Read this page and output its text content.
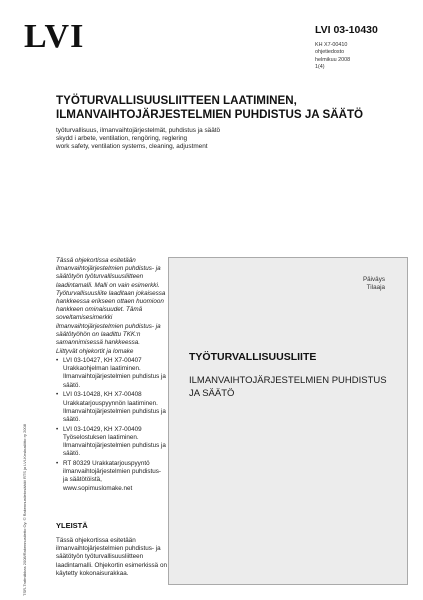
LVI	LVI 03-10430
KH X7-00410
ohjetiedosto
helmikuu 2008
1(4)
TYÖTURVALLISUUSLIITTEEN LAATIMINEN,
ILMANVAIHTOJÄRJESTELMIEN PUHDISTUS JA SÄÄTÖ
työturvallisuus, ilmanvaihtojärjestelmät, puhdistus ja säätö
skydd i arbete, ventilation, rengöring, reglering
work safety, ventilation systems, cleaning, adjustment

Tässä ohjekortissa esitetään ilmanvaihtojärjestelmien puhdistus- ja säätötyön työturvallisuusliitteen laadintamalli. Malli on vain esimerkki. Työturvallisuusliite laaditaan jokaisessa hankkeessa erikseen ottaen huomioon hankkeen ominaisuudet. Tämä soveltamisesimerkki ilmanvaihtojärjestelmien puhdistus- ja säätötyöhön on laadittu TKK:n samannimisessä hankkeessa.

Liittyvät ohjekortit ja lomake
• LVI 03-10427, KH X7-00407 Urakkaohjelman laatiminen. Ilmanvaihtojärjestelmien puhdistus ja säätö.
• LVI 03-10428, KH X7-00408 Urakkatarjouspyynnön laatiminen. Ilmanvaihtojärjestelmien puhdistus ja säätö.
• LVI 03-10429, KH X7-00409 Työselostuksen laatiminen. Ilmanvaihtojärjestelmien puhdistus ja säätö.
• RT 80329 Urakkatarjouspyyntö ilmanvaihtojärjestelmien puhdistus- ja säätötöistä, www.sopimuslomake.net
YLEISTÄ

Tässä ohjekortissa esitetään ilmanvaihtojärjestelmien puhdistus- ja säätötyön työturvallisuusliitteen laadintamalli. Ohjekortin esimerkissä on käytetty kokonaisurakkaa.

TSR-Trafmiikkas 2008/Rakennustietto Oy. © Rakennustietosäätiö RTS ja LVI-Keskusliitto ry 2008
Päiväys
Tilaaja
TYÖTURVALLISUUSLIITE
ILMANVAIHTOJÄRJESTELMIEN PUHDISTUS JA SÄÄTÖ
